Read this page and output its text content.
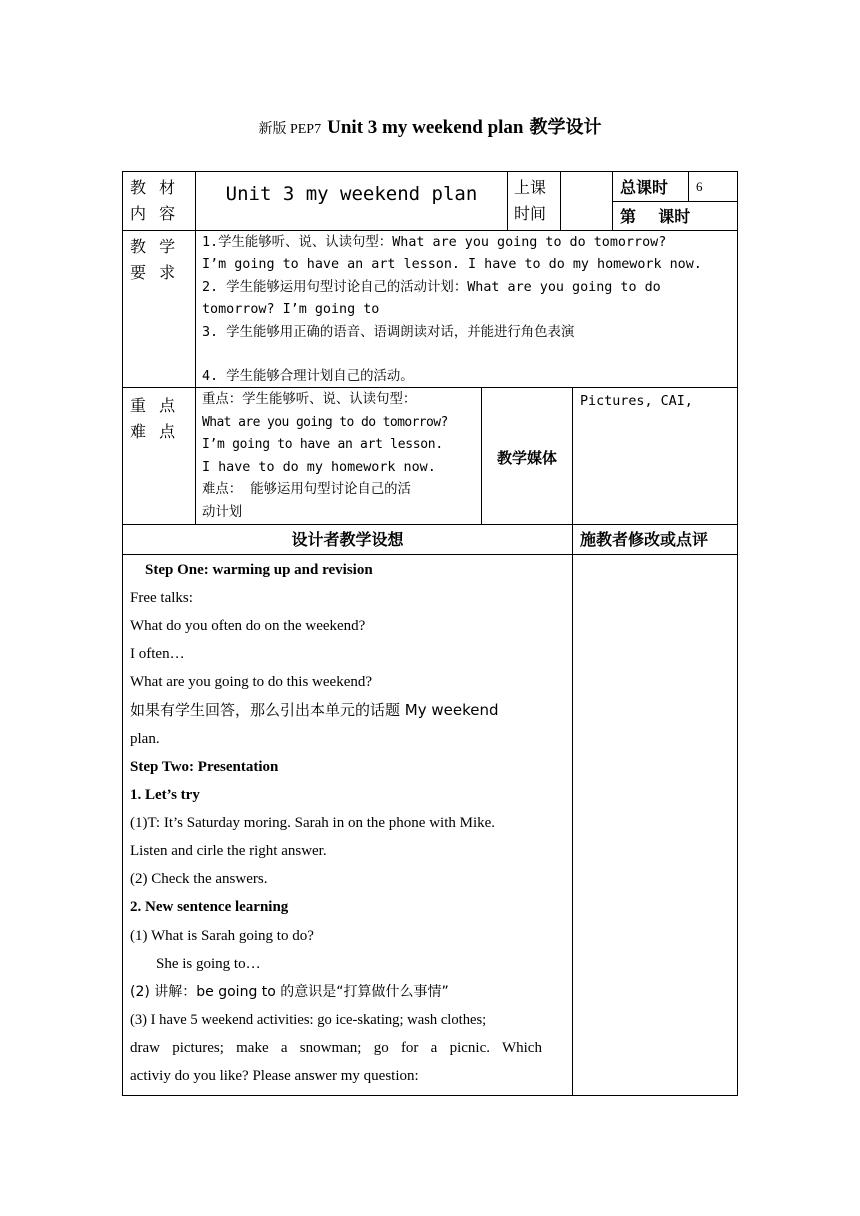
新版 PEP7 Unit 3 my weekend plan 教学设计
教 材
内 容
Unit 3 my weekend plan	上课
时间
总课时 6
第    课时
教 学
要 求
1.学生能够听、说、认读句型：What are you going to do tomorrow?
I’m going to have an art lesson. I have to do my homework now.
2. 学生能够运用句型讨论自己的活动计划：What are you going to do
tomorrow? I’m going to
3. 学生能够用正确的语音、语调朗读对话，并能进行角色表演
4. 学生能够合理计划自己的活动。
重 点
难 点
重点：学生能够听、说、认读句型：
What are you going to do tomorrow?
I’m going to have an art lesson.
I have to do my homework now.
难点： 能够运用句型讨论自己的活
动计划
教学媒体
Pictures, CAI,
设计者教学设想	施教者修改或点评
Step One: warming up and revision
Free talks:
What do you often do on the weekend?
I often…
What are you going to do this weekend?
如果有学生回答，那么引出本单元的话题 My weekend
plan.
Step Two: Presentation
1. Let’s try
(1)T: It’s Saturday moring. Sarah in on the phone with Mike.
Listen and cirle the right answer.
(2) Check the answers.
2. New sentence learning
(1) What is Sarah going to do?
She is going to…
(2) 讲解：be going to 的意识是“打算做什么事情”
(3) I have 5 weekend activities: go ice-skating; wash clothes;
draw pictures; make a snowman; go for a picnic. Which
activiy do you like? Please answer my question:
